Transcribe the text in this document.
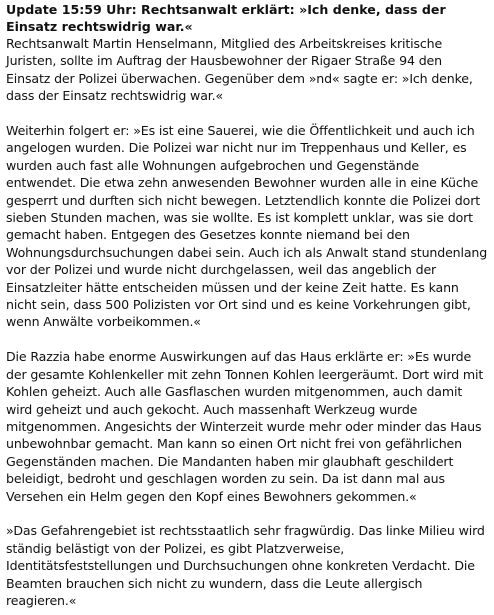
Update 15:59 Uhr: Rechtsanwalt erklärt: »Ich denke, dass der Einsatz rechtswidrig war.«

Rechtsanwalt Martin Henselmann, Mitglied des Arbeitskreises kritische Juristen, sollte im Auftrag der Hausbewohner der Rigaer Straße 94 den Einsatz der Polizei überwachen. Gegenüber dem »nd« sagte er: »Ich denke, dass der Einsatz rechtswidrig war.«

Weiterhin folgert er: »Es ist eine Sauerei, wie die Öffentlichkeit und auch ich angelogen wurden. Die Polizei war nicht nur im Treppenhaus und Keller, es wurden auch fast alle Wohnungen aufgebrochen und Gegenstände entwendet. Die etwa zehn anwesenden Bewohner wurden alle in eine Küche gesperrt und durften sich nicht bewegen. Letztendlich konnte die Polizei dort sieben Stunden machen, was sie wollte. Es ist komplett unklar, was sie dort gemacht haben. Entgegen des Gesetzes konnte niemand bei den Wohnungsdurchsuchungen dabei sein. Auch ich als Anwalt stand stundenlang vor der Polizei und wurde nicht durchgelassen, weil das angeblich der Einsatzleiter hätte entscheiden müssen und der keine Zeit hatte. Es kann nicht sein, dass 500 Polizisten vor Ort sind und es keine Vorkehrungen gibt, wenn Anwälte vorbeikommen.«

Die Razzia habe enorme Auswirkungen auf das Haus erklärte er: »Es wurde der gesamte Kohlenkeller mit zehn Tonnen Kohlen leergeräumt. Dort wird mit Kohlen geheizt. Auch alle Gasflaschen wurden mitgenommen, auch damit wird geheizt und auch gekocht. Auch massenhaft Werkzeug wurde mitgenommen. Angesichts der Winterzeit wurde mehr oder minder das Haus unbewohnbar gemacht. Man kann so einen Ort nicht frei von gefährlichen Gegenständen machen. Die Mandanten haben mir glaubhaft geschildert beleidigt, bedroht und geschlagen worden zu sein. Da ist dann mal aus Versehen ein Helm gegen den Kopf eines Bewohners gekommen.«

»Das Gefahrengebiet ist rechtsstaatlich sehr fragwürdig. Das linke Milieu wird ständig belästigt von der Polizei, es gibt Platzverweise, Identitätsfeststellungen und Durchsuchungen ohne konkreten Verdacht. Die Beamten brauchen sich nicht zu wundern, dass die Leute allergisch reagieren.«
